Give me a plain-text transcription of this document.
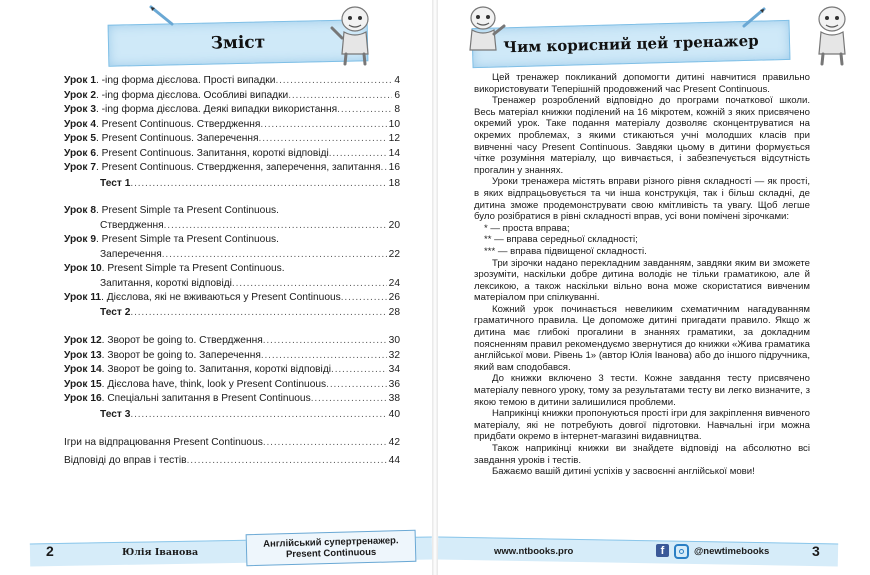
Зміст
Урок 1. -ing форма дієслова. Прості випадки . . .	4
Урок 2. -ing форма дієслова. Особливі випадки . . .	6
Урок 3. -ing форма дієслова. Деякі випадки використання . . .	8
Урок 4. Present Continuous. Ствердження . . .	10
Урок 5. Present Continuous. Заперечення . . .	12
Урок 6. Present Continuous. Запитання, короткі відповіді . . .	14
Урок 7. Present Continuous. Ствердження, заперечення, запитання . . . 16
Тест 1 . . .	18
Урок 8. Present Simple та Present Continuous.
Ствердження . . .	20
Урок 9. Present Simple та Present Continuous.
Заперечення . . .	22
Урок 10. Present Simple та Present Continuous.
Запитання, короткі відповіді . . .	24
Урок 11. Дієслова, які не вживаються у Present Continuous . . .	26
Тест 2 . . .	28
Урок 12. Зворот be going to. Ствердження . . .	30
Урок 13. Зворот be going to. Заперечення . . .	32
Урок 14. Зворот be going to. Запитання, короткі відповіді . . .	34
Урок 15. Дієслова have, think, look у Present Continuous . . .	36
Урок 16. Спеціальні запитання в Present Continuous . . .	38
Тест 3 . . .	40
Ігри на відпрацювання Present Continuous . . .	42
Відповіді до вправ і тестів . . .	44
2	Юлія Іванова
Англійський супертренажер.
Present Continuous
Чим корисний цей тренажер
www.ntbooks.pro	f	@newtimebooks	3

Цей тренажер покликаний допомогти дитині навчитися правильно використовувати Теперішній продовжений час Present Continuous.

Тренажер розроблений відповідно до програми початкової школи. Весь матеріал книжки поділений на 16 мікротем, кожній з яких присвячено окремий урок. Таке подання матеріалу дозволяє сконцентруватися на окремих проблемах, з якими стикаються учні молодших класів при вивченні часу Present Continuous. Завдяки цьому в дитини формується чітке розуміння матеріалу, що вивчається, і забезпечується відсутність прогалин у знаннях.

Уроки тренажера містять вправи різного рівня складності — як прості, в яких відпрацьовується та чи інша конструкція, так і більш складні, де дитина зможе продемонструвати свою кмітливість та увагу. Щоб легше було розібратися в рівні складності вправ, усі вони помічені зірочками:

* — проста вправа;

** — вправа середньої складності;

*** — вправа підвищеної складності.

Три зірочки надано перекладним завданням, завдяки яким ви зможете зрозуміти, наскільки добре дитина володіє не тільки граматикою, але й лексикою, а також наскільки вільно вона може скористатися вивченим матеріалом при спілкуванні.

Кожний урок починається невеликим схематичним нагадуванням граматичного правила. Це допоможе дитині пригадати правило. Якщо ж дитина має глибокі прогалини в знаннях граматики, за докладним поясненням правил рекомендуємо звернутися до книжки «Жива граматика англійської мови. Рівень 1» (автор Юлія Іванова) або до іншого підручника, який вам сподобався.

До книжки включено 3 тести. Кожне завдання тесту присвячено матеріалу певного уроку, тому за результатами тесту ви легко визначите, з якою темою в дитини залишилися проблеми.

Наприкінці книжки пропонуються прості ігри для закріплення вивченого матеріалу, які не потребують довгої підготовки. Навчальні ігри можна придбати окремо в інтернет-магазині видавництва.

Також наприкінці книжки ви знайдете відповіді на абсолютно всі завдання уроків і тестів.

Бажаємо вашій дитині успіхів у засвоєнні англійської мови!
